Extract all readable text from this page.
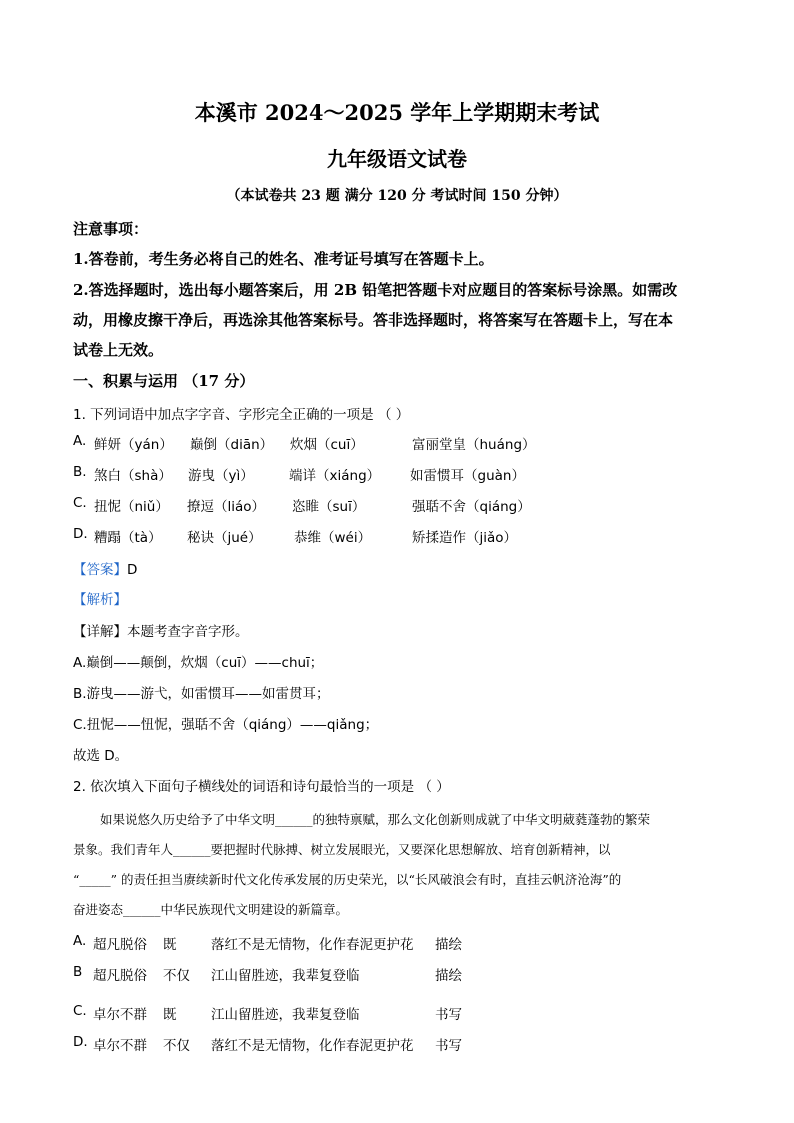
本溪市 2024～2025 学年上学期期末考试
九年级语文试卷
（本试卷共 23 题 满分 120 分 考试时间 150 分钟）
注意事项：
1.答卷前，考生务必将自己的姓名、准考证号填写在答题卡上。
2.答选择题时，选出每小题答案后，用 2B 铅笔把答题卡对应题目的答案标号涂黑。如需改
动，用橡皮擦干净后，再选涂其他答案标号。答非选择题时，将答案写在答题卡上，写在本
试卷上无效。
一、积累与运用 （17 分）
1. 下列词语中加点字字音、字形完全正确的一项是 （ ）
A. 鲜妍（yán） 巅倒（diān） 炊烟（cuī）	富丽堂皇（huáng）
B. 煞白（shà） 游曳（yì）	端详（xiáng） 如雷惯耳（guàn）
C. 扭怩（niǔ） 撩逗（liáo） 恣睢（suī）	强聒不舍（qiáng）
D. 糟蹋（tà） 秘诀（jué） 恭维（wéi）	矫揉造作（jiǎo）
【答案】D
【解析】
【详解】本题考查字音字形。
A.巅倒——颠倒，炊烟（cuī）——chuī；
B.游曳——游弋，如雷惯耳——如雷贯耳；
C.扭怩——忸怩，强聒不舍（qiáng）——qiǎng；
故选 D。
2. 依次填入下面句子横线处的词语和诗句最恰当的一项是 （ ）
如果说悠久历史给予了中华文明______的独特禀赋，那么文化创新则成就了中华文明葳蕤蓬勃的繁荣
景象。我们青年人______要把握时代脉搏、树立发展眼光，又要深化思想解放、培育创新精神，以
“_____” 的责任担当赓续新时代文化传承发展的历史荣光，以“长风破浪会有时，直挂云帆济沧海”的
奋进姿态______中华民族现代文明建设的新篇章。
A. 超凡脱俗 既	落红不是无情物，化作春泥更护花 描绘
B 超凡脱俗 不仅 江山留胜迹，我辈复登临	描绘
C. 卓尔不群 既	江山留胜迹，我辈复登临	书写
D. 卓尔不群 不仅 落红不是无情物，化作春泥更护花 书写
